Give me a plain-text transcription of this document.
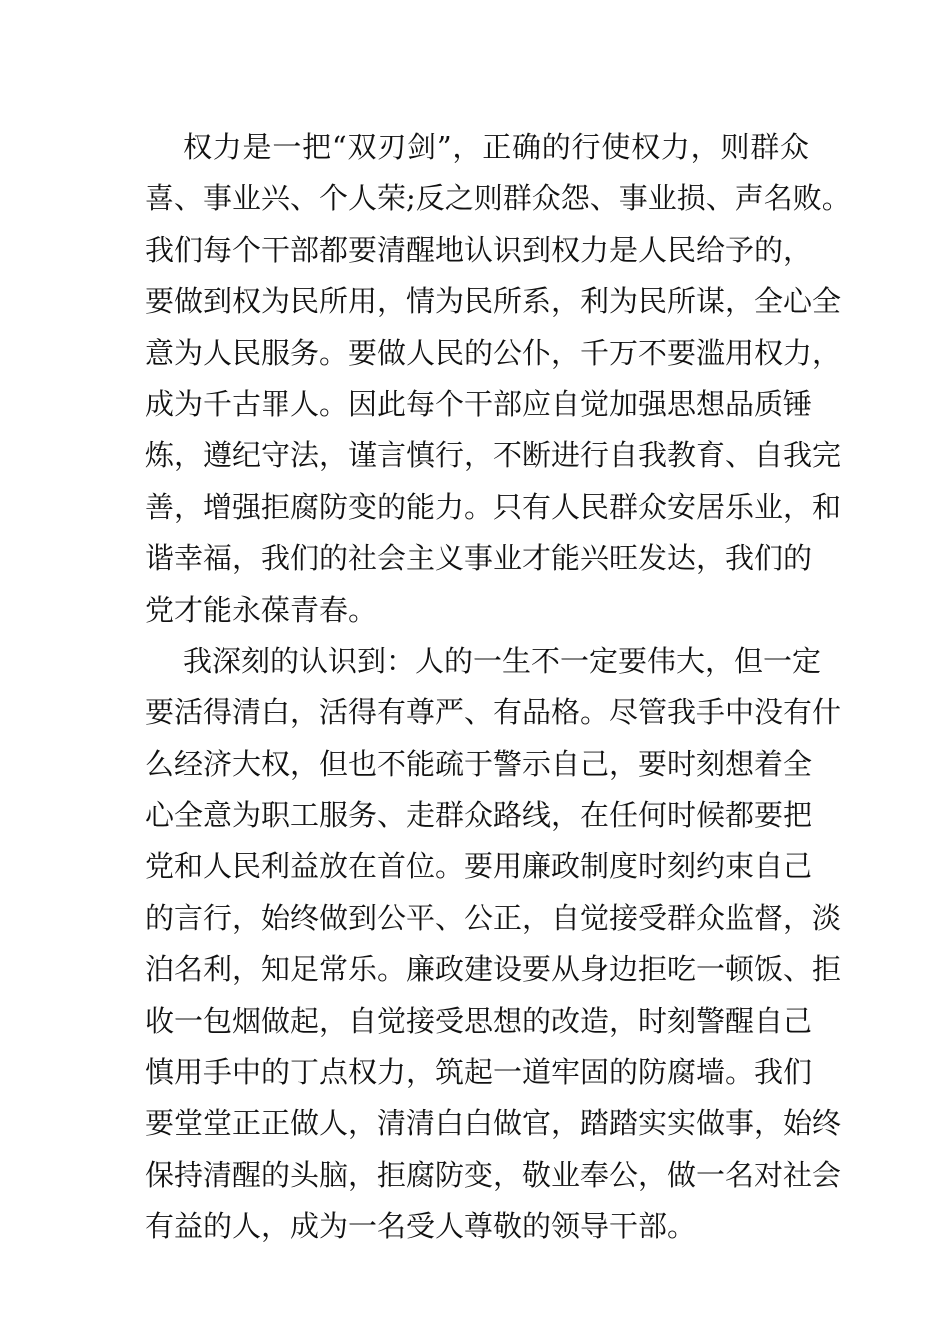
权力是一把“双刃剑”，正确的行使权力，则群众
喜、事业兴、个人荣;反之则群众怨、事业损、声名败。
我们每个干部都要清醒地认识到权力是人民给予的，
要做到权为民所用，情为民所系，利为民所谋，全心全
意为人民服务。要做人民的公仆，千万不要滥用权力，
成为千古罪人。因此每个干部应自觉加强思想品质锤
炼，遵纪守法，谨言慎行，不断进行自我教育、自我完
善，增强拒腐防变的能力。只有人民群众安居乐业，和
谐幸福，我们的社会主义事业才能兴旺发达，我们的
党才能永葆青春。
我深刻的认识到：人的一生不一定要伟大，但一定
要活得清白，活得有尊严、有品格。尽管我手中没有什
么经济大权，但也不能疏于警示自己，要时刻想着全
心全意为职工服务、走群众路线，在任何时候都要把
党和人民利益放在首位。要用廉政制度时刻约束自己
的言行，始终做到公平、公正，自觉接受群众监督，淡
泊名利，知足常乐。廉政建设要从身边拒吃一顿饭、拒
收一包烟做起，自觉接受思想的改造，时刻警醒自己
慎用手中的丁点权力，筑起一道牢固的防腐墙。我们
要堂堂正正做人，清清白白做官，踏踏实实做事，始终
保持清醒的头脑，拒腐防变，敬业奉公，做一名对社会
有益的人，成为一名受人尊敬的领导干部。
